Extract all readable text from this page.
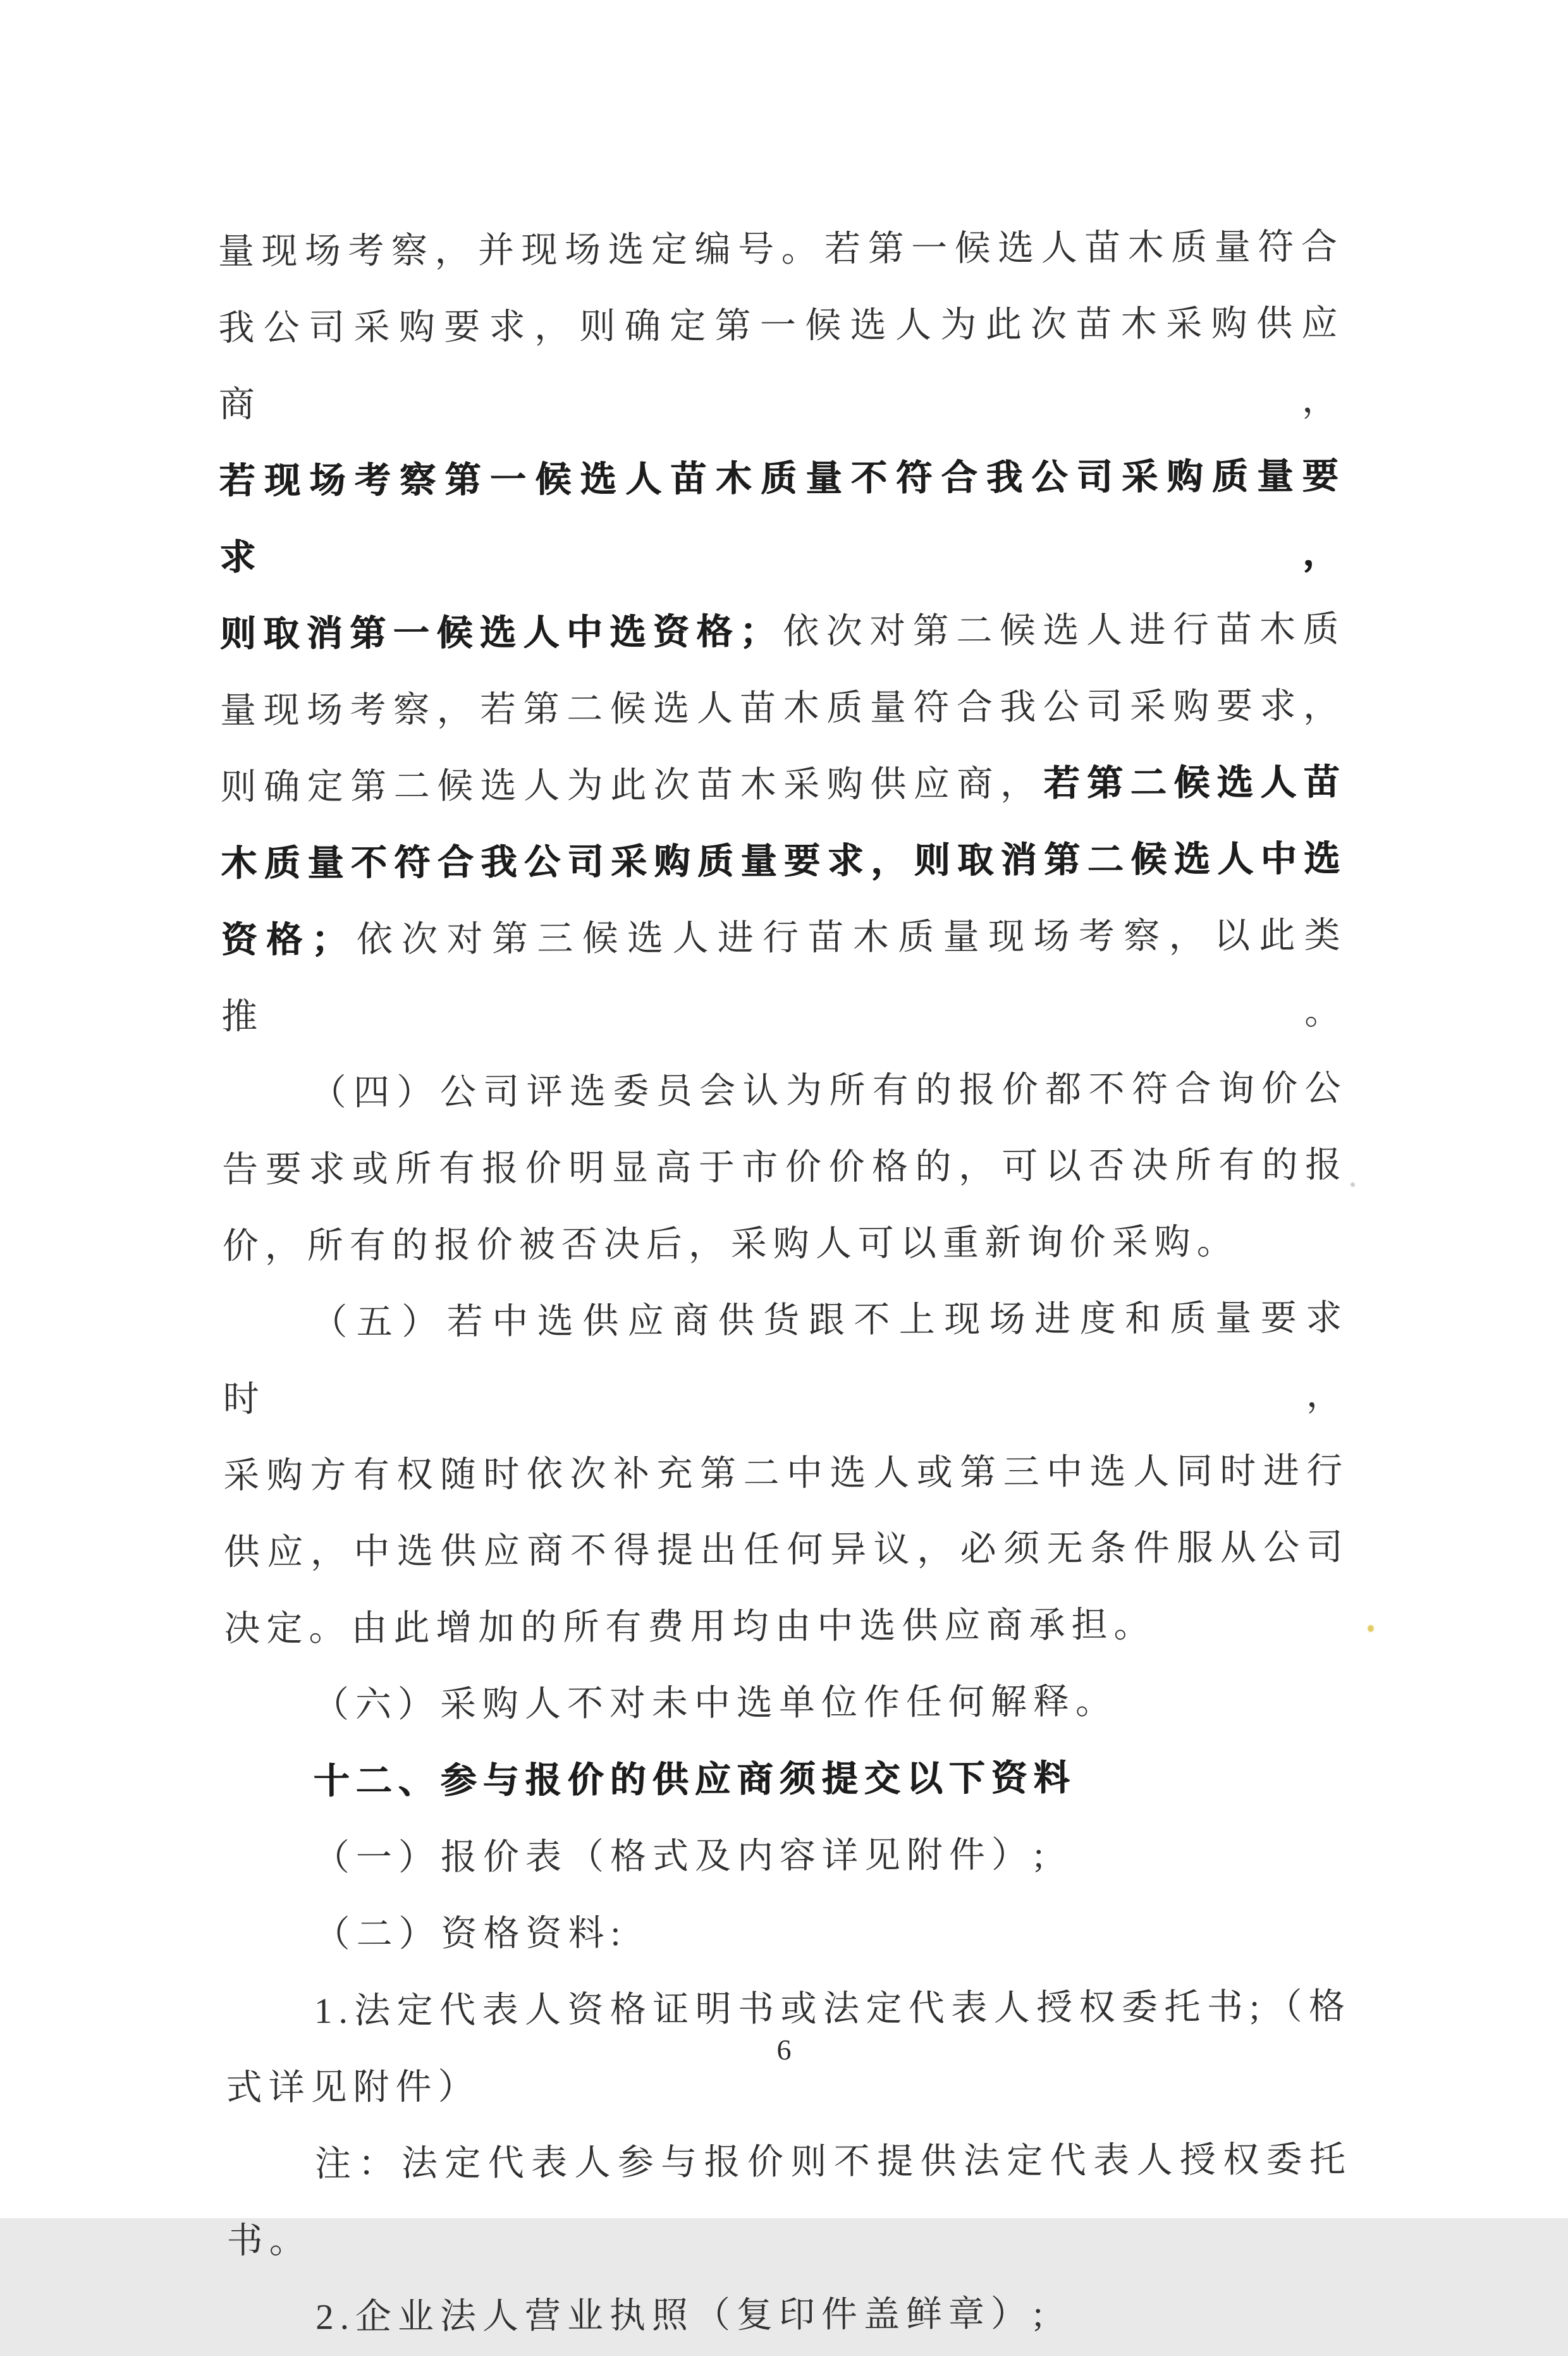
量现场考察，并现场选定编号。若第一候选人苗木质量符合
我公司采购要求，则确定第一候选人为此次苗木采购供应商，
若现场考察第一候选人苗木质量不符合我公司采购质量要求，
则取消第一候选人中选资格；依次对第二候选人进行苗木质
量现场考察，若第二候选人苗木质量符合我公司采购要求，
则确定第二候选人为此次苗木采购供应商，若第二候选人苗
木质量不符合我公司采购质量要求，则取消第二候选人中选
资格；依次对第三候选人进行苗木质量现场考察，以此类推。
（四）公司评选委员会认为所有的报价都不符合询价公
告要求或所有报价明显高于市价价格的，可以否决所有的报
价，所有的报价被否决后，采购人可以重新询价采购。
（五）若中选供应商供货跟不上现场进度和质量要求时，
采购方有权随时依次补充第二中选人或第三中选人同时进行
供应，中选供应商不得提出任何异议，必须无条件服从公司
决定。由此增加的所有费用均由中选供应商承担。
（六）采购人不对未中选单位作任何解释。
十二、参与报价的供应商须提交以下资料
（一）报价表（格式及内容详见附件）;
（二）资格资料:
1.法定代表人资格证明书或法定代表人授权委托书;（格
式详见附件）
注：法定代表人参与报价则不提供法定代表人授权委托
书。
2.企业法人营业执照（复印件盖鲜章）;
6
